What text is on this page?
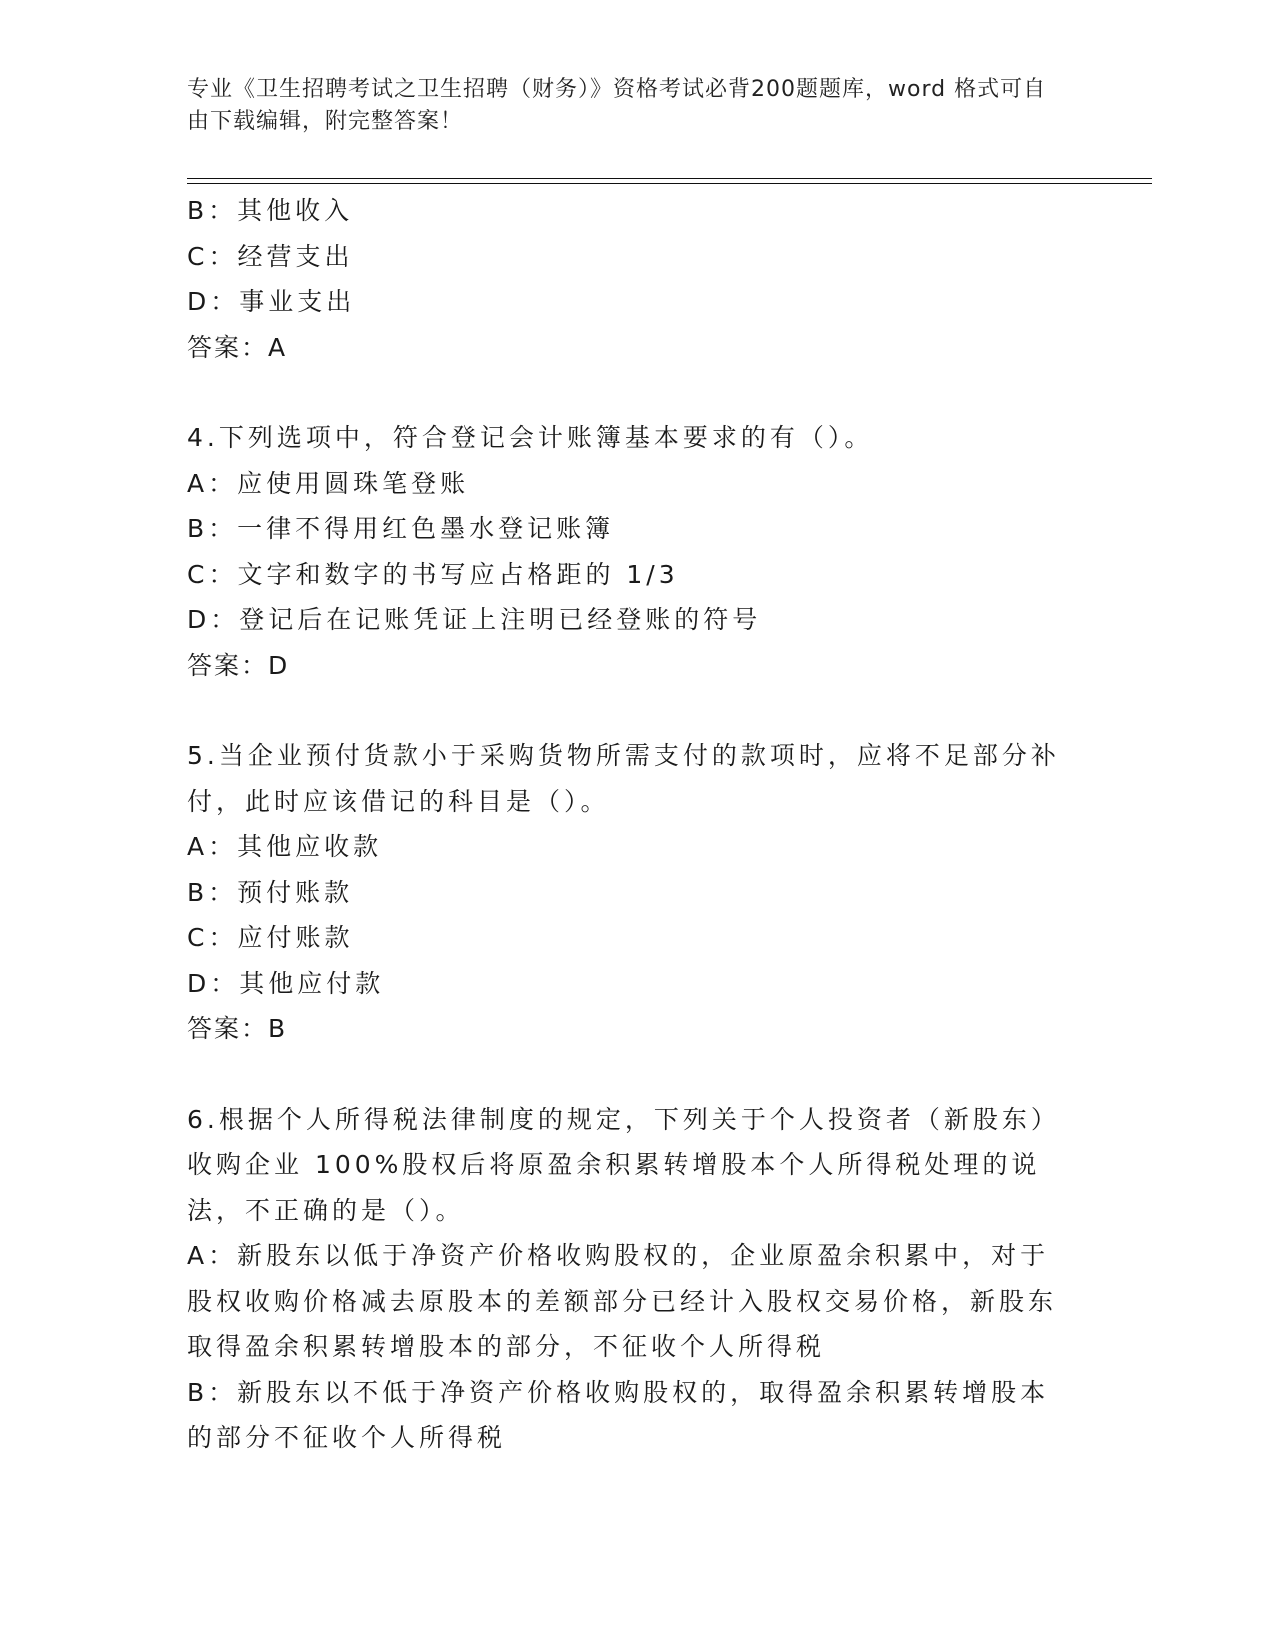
专业《卫生招聘考试之卫生招聘（财务）》资格考试必背200题题库，word 格式可自由下载编辑，附完整答案！

B：其他收入

C：经营支出

D：事业支出

答案：A

4.下列选项中，符合登记会计账簿基本要求的有（）。

A：应使用圆珠笔登账

B：一律不得用红色墨水登记账簿

C：文字和数字的书写应占格距的 1/3

D：登记后在记账凭证上注明已经登账的符号

答案：D

5.当企业预付货款小于采购货物所需支付的款项时，应将不足部分补付，此时应该借记的科目是（）。

A：其他应收款

B：预付账款

C：应付账款

D：其他应付款

答案：B

6.根据个人所得税法律制度的规定，下列关于个人投资者（新股东）收购企业 100%股权后将原盈余积累转增股本个人所得税处理的说法，不正确的是（）。

A：新股东以低于净资产价格收购股权的，企业原盈余积累中，对于股权收购价格减去原股本的差额部分已经计入股权交易价格，新股东取得盈余积累转增股本的部分，不征收个人所得税

B：新股东以不低于净资产价格收购股权的，取得盈余积累转增股本的部分不征收个人所得税
